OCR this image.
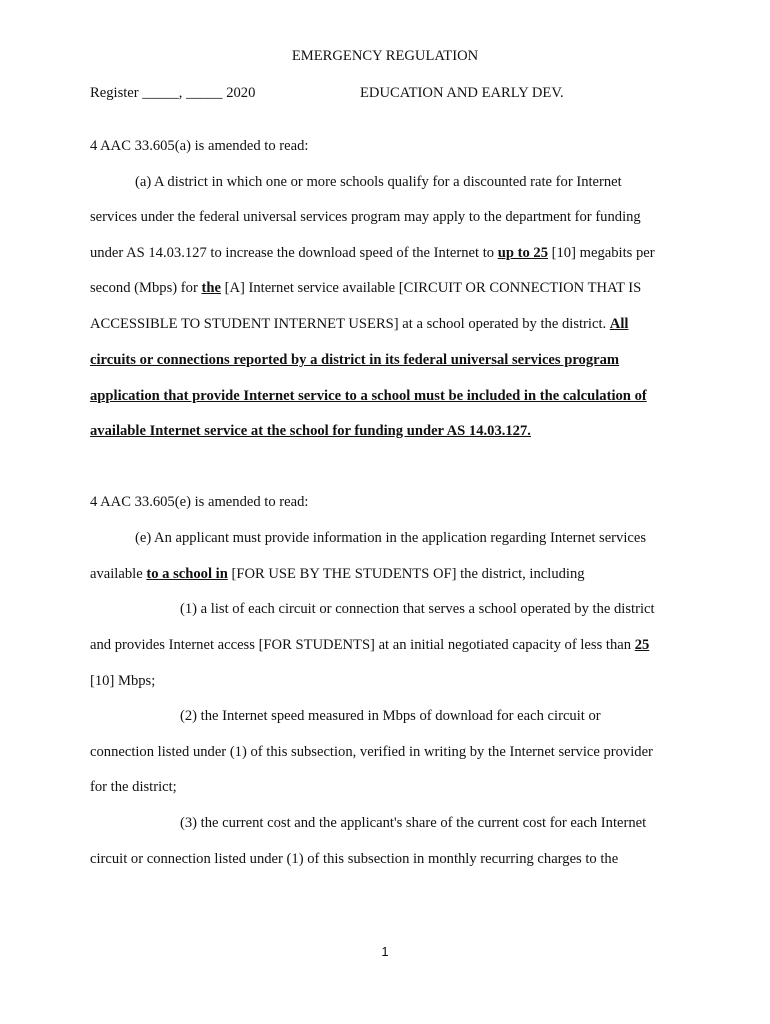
EMERGENCY REGULATION
Register _____, _____ 2020	EDUCATION AND EARLY DEV.
4 AAC 33.605(a) is amended to read:
(a) A district in which one or more schools qualify for a discounted rate for Internet
services under the federal universal services program may apply to the department for funding
under AS 14.03.127 to increase the download speed of the Internet to up to 25 [10] megabits per
second (Mbps) for the [A] Internet service available [CIRCUIT OR CONNECTION THAT IS
ACCESSIBLE TO STUDENT INTERNET USERS] at a school operated by the district. All
circuits or connections reported by a district in its federal universal services program
application that provide Internet service to a school must be included in the calculation of
available Internet service at the school for funding under AS 14.03.127.
4 AAC 33.605(e) is amended to read:
(e) An applicant must provide information in the application regarding Internet services
available to a school in [FOR USE BY THE STUDENTS OF] the district, including
(1) a list of each circuit or connection that serves a school operated by the district
and provides Internet access [FOR STUDENTS] at an initial negotiated capacity of less than 25
[10] Mbps;
(2) the Internet speed measured in Mbps of download for each circuit or
connection listed under (1) of this subsection, verified in writing by the Internet service provider
for the district;
(3) the current cost and the applicant's share of the current cost for each Internet
circuit or connection listed under (1) of this subsection in monthly recurring charges to the
1
